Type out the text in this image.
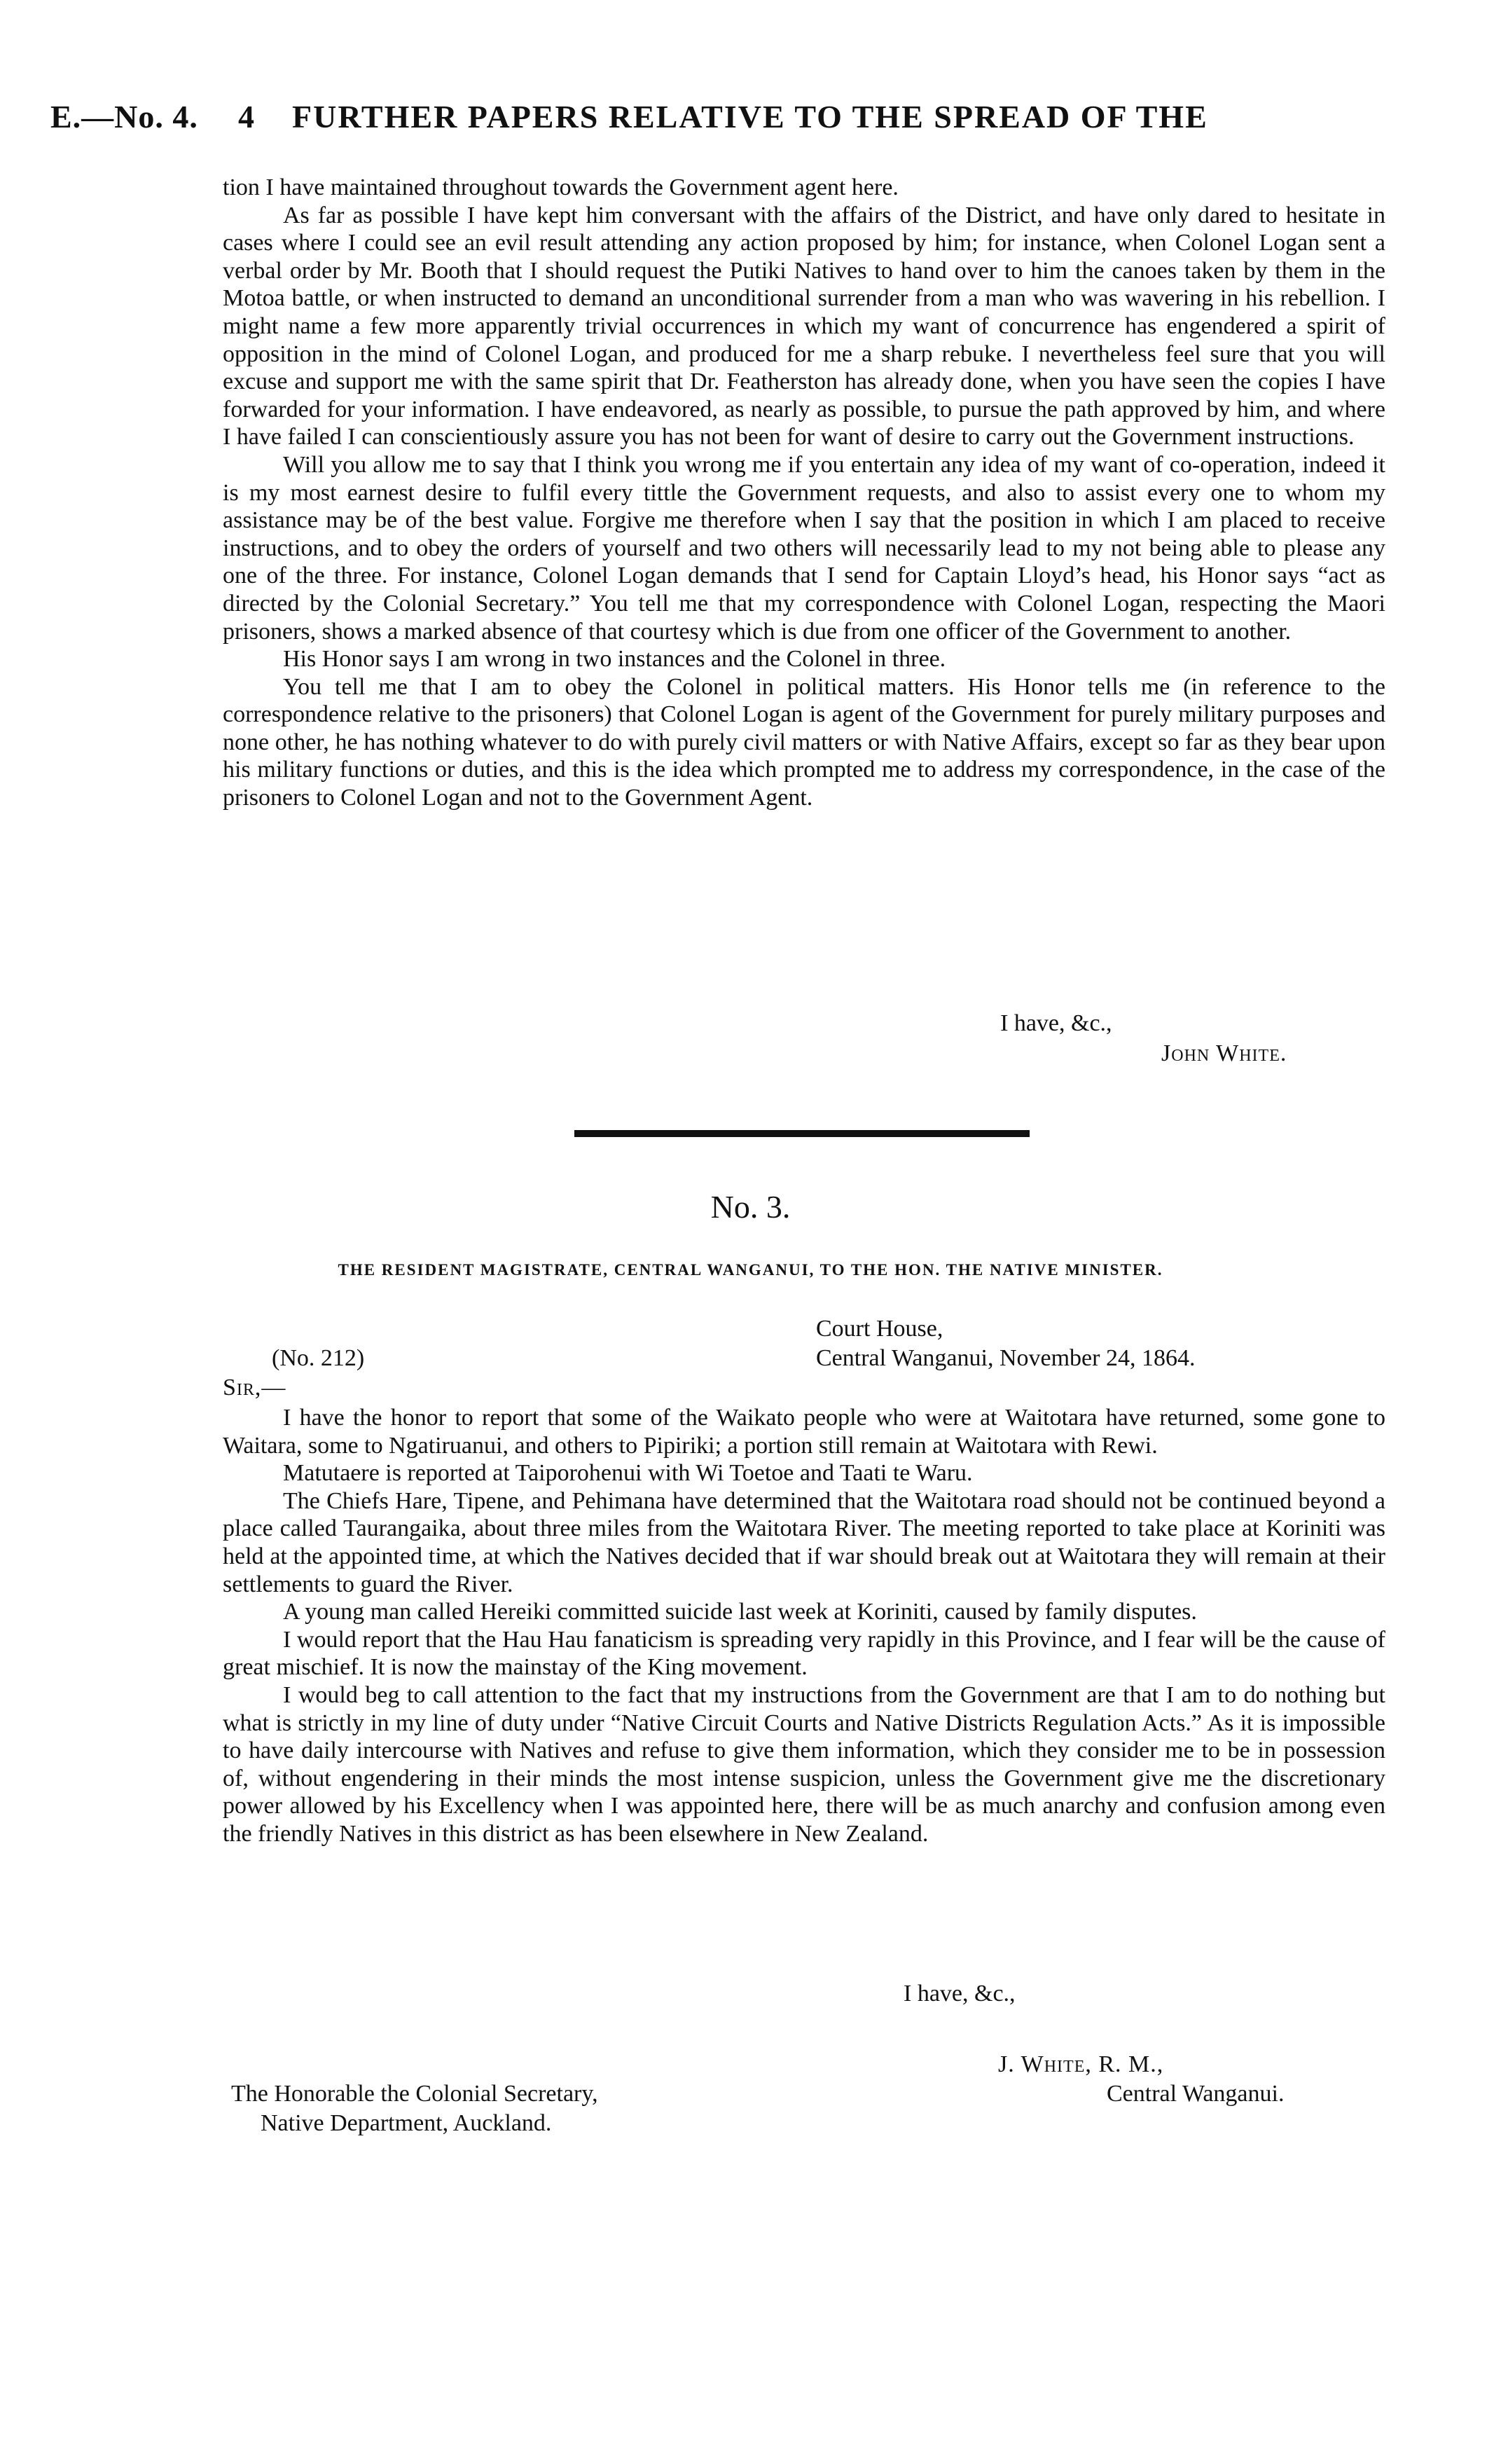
E.—No. 4. 4 FURTHER PAPERS RELATIVE TO THE SPREAD OF THE

tion I have maintained throughout towards the Government agent here.

As far as possible I have kept him conversant with the affairs of the District, and have only dared to hesitate in cases where I could see an evil result attending any action proposed by him; for instance, when Colonel Logan sent a verbal order by Mr. Booth that I should request the Putiki Natives to hand over to him the canoes taken by them in the Motoa battle, or when instructed to demand an unconditional surrender from a man who was wavering in his rebellion. I might name a few more apparently trivial occurrences in which my want of concurrence has engendered a spirit of opposition in the mind of Colonel Logan, and produced for me a sharp rebuke. I nevertheless feel sure that you will excuse and support me with the same spirit that Dr. Featherston has already done, when you have seen the copies I have forwarded for your information. I have endeavored, as nearly as possible, to pursue the path approved by him, and where I have failed I can conscientiously assure you has not been for want of desire to carry out the Government instructions.

Will you allow me to say that I think you wrong me if you entertain any idea of my want of co-operation, indeed it is my most earnest desire to fulfil every tittle the Government requests, and also to assist every one to whom my assistance may be of the best value. Forgive me therefore when I say that the position in which I am placed to receive instructions, and to obey the orders of yourself and two others will necessarily lead to my not being able to please any one of the three. For instance, Colonel Logan demands that I send for Captain Lloyd’s head, his Honor says “act as directed by the Colonial Secretary.” You tell me that my correspondence with Colonel Logan, respecting the Maori prisoners, shows a marked absence of that courtesy which is due from one officer of the Government to another.

His Honor says I am wrong in two instances and the Colonel in three.

You tell me that I am to obey the Colonel in political matters. His Honor tells me (in reference to the correspondence relative to the prisoners) that Colonel Logan is agent of the Government for purely military purposes and none other, he has nothing whatever to do with purely civil matters or with Native Affairs, except so far as they bear upon his military functions or duties, and this is the idea which prompted me to address my correspondence, in the case of the prisoners to Colonel Logan and not to the Government Agent.

I have, &c.,
John White.
No. 3.
THE RESIDENT MAGISTRATE, CENTRAL WANGANUI, TO THE HON. THE NATIVE MINISTER.
Court House,
(No. 212)	Central Wanganui, November 24, 1864.
Sir,—

I have the honor to report that some of the Waikato people who were at Waitotara have returned, some gone to Waitara, some to Ngatiruanui, and others to Pipiriki; a portion still remain at Waitotara with Rewi.

Matutaere is reported at Taiporohenui with Wi Toetoe and Taati te Waru.

The Chiefs Hare, Tipene, and Pehimana have determined that the Waitotara road should not be continued beyond a place called Taurangaika, about three miles from the Waitotara River. The meeting reported to take place at Koriniti was held at the appointed time, at which the Natives decided that if war should break out at Waitotara they will remain at their settlements to guard the River.

A young man called Hereiki committed suicide last week at Koriniti, caused by family disputes.

I would report that the Hau Hau fanaticism is spreading very rapidly in this Province, and I fear will be the cause of great mischief. It is now the mainstay of the King movement.

I would beg to call attention to the fact that my instructions from the Government are that I am to do nothing but what is strictly in my line of duty under “Native Circuit Courts and Native Districts Regulation Acts.” As it is impossible to have daily intercourse with Natives and refuse to give them information, which they consider me to be in possession of, without engendering in their minds the most intense suspicion, unless the Government give me the discretionary power allowed by his Excellency when I was appointed here, there will be as much anarchy and confusion among even the friendly Natives in this district as has been elsewhere in New Zealand.

I have, &c.,
J. White, R. M.,
Central Wanganui.
The Honorable the Colonial Secretary,
Native Department, Auckland.
